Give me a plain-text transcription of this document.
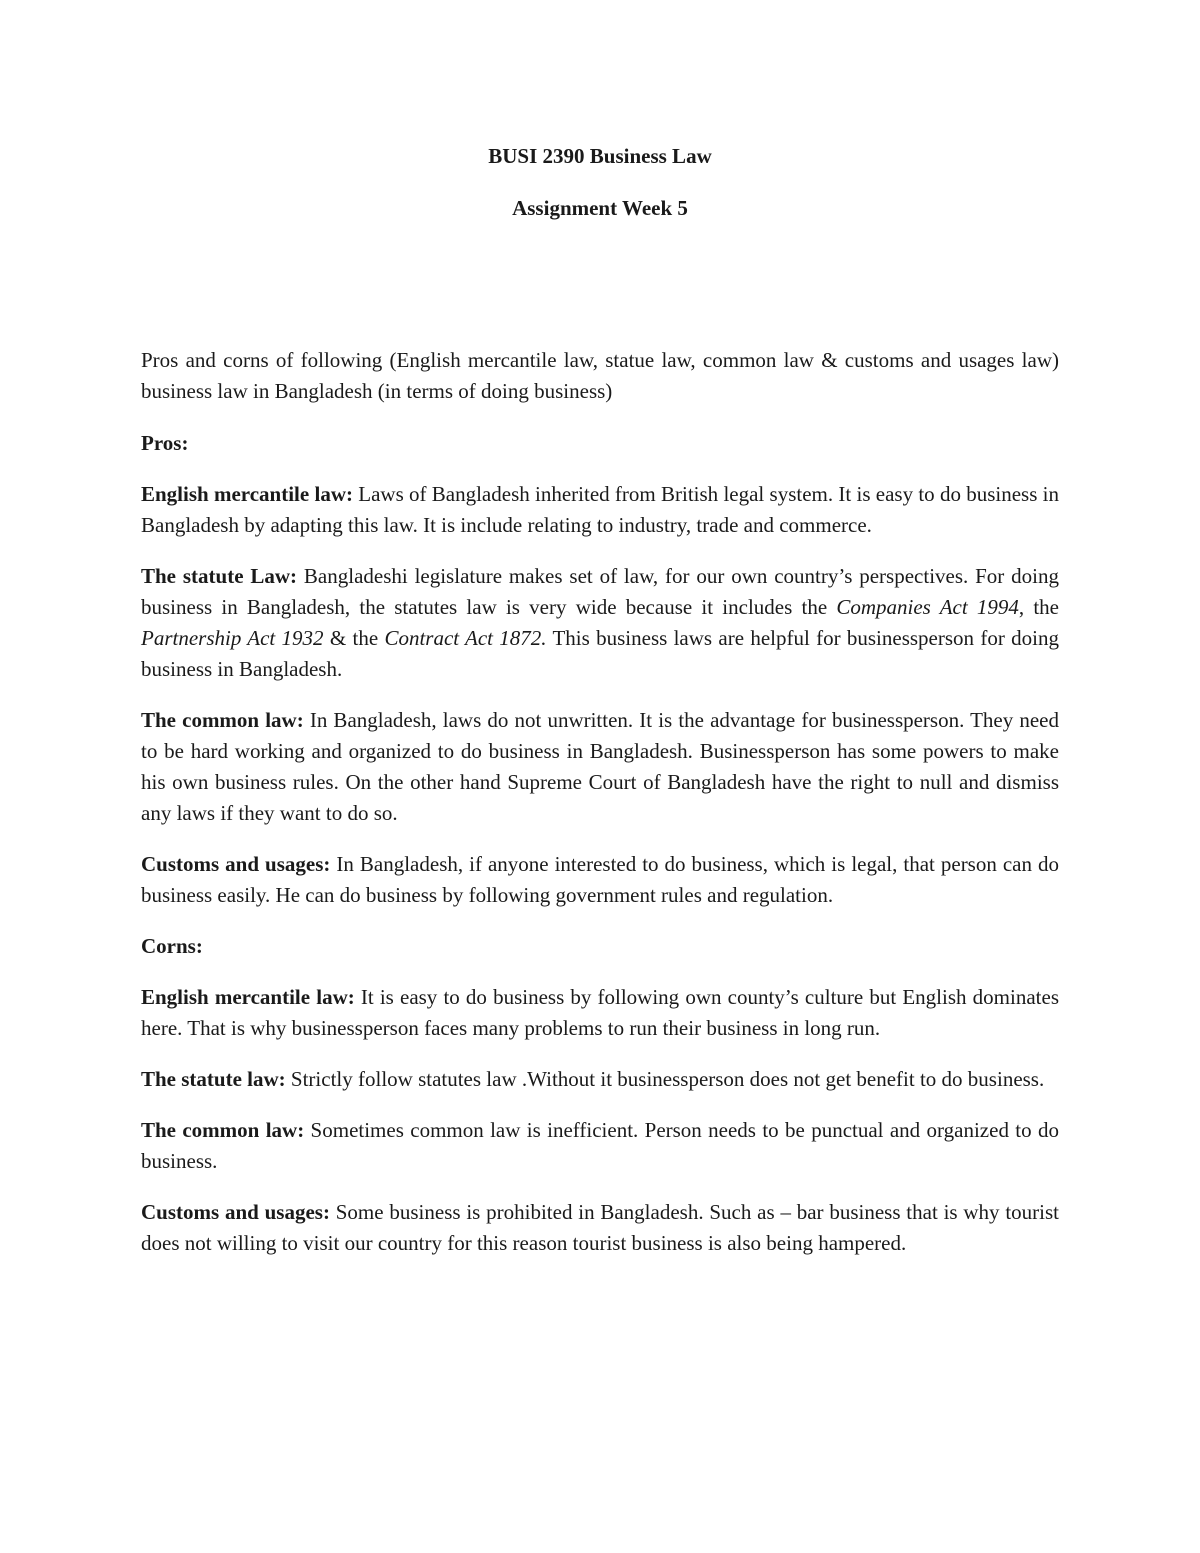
BUSI 2390 Business Law
Assignment Week 5

Pros and corns of following (English mercantile law, statue law, common law & customs and usages law) business law in Bangladesh (in terms of doing business)

Pros:

English mercantile law: Laws of Bangladesh inherited from British legal system. It is easy to do business in Bangladesh by adapting this law. It is include relating to industry, trade and commerce.

The statute Law: Bangladeshi legislature makes set of law, for our own country’s perspectives. For doing business in Bangladesh, the statutes law is very wide because it includes the Companies Act 1994, the Partnership Act 1932 & the Contract Act 1872. This business laws are helpful for businessperson for doing business in Bangladesh.

The common law: In Bangladesh, laws do not unwritten. It is the advantage for businessperson. They need to be hard working and organized to do business in Bangladesh. Businessperson has some powers to make his own business rules. On the other hand Supreme Court of Bangladesh have the right to null and dismiss any laws if they want to do so.

Customs and usages: In Bangladesh, if anyone interested to do business, which is legal, that person can do business easily. He can do business by following government rules and regulation.

Corns:

English mercantile law: It is easy to do business by following own county’s culture but English dominates here. That is why businessperson faces many problems to run their business in long run.

The statute law: Strictly follow statutes law .Without it businessperson does not get benefit to do business.

The common law: Sometimes common law is inefficient. Person needs to be punctual and organized to do business.

Customs and usages: Some business is prohibited in Bangladesh. Such as – bar business that is why tourist does not willing to visit our country for this reason tourist business is also being hampered.
